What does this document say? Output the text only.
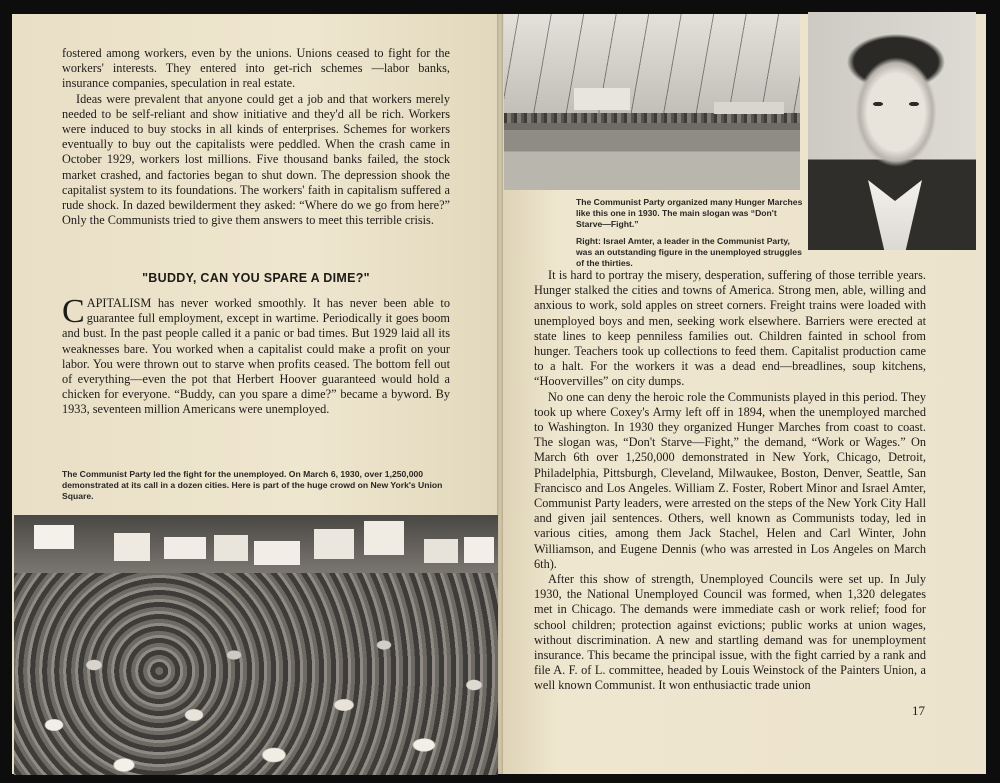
fostered among workers, even by the unions. Unions ceased to fight for the workers' interests. They entered into get-rich schemes —labor banks, insurance companies, speculation in real estate.

Ideas were prevalent that anyone could get a job and that workers merely needed to be self-reliant and show initiative and they'd all be rich. Workers were induced to buy stocks in all kinds of enterprises. Schemes for workers eventually to buy out the capitalists were peddled. When the crash came in October 1929, workers lost millions. Five thousand banks failed, the stock market crashed, and factories began to shut down. The depression shook the capitalist system to its foundations. The workers' faith in capitalism suffered a rude shock. In dazed bewilderment they asked: “Where do we go from here?” Only the Communists tried to give them answers to meet this terrible crisis.

"BUDDY, CAN YOU SPARE A DIME?"

CAPITALISM has never worked smoothly. It has never been able to guarantee full employment, except in wartime. Periodically it goes boom and bust. In the past people called it a panic or bad times. But 1929 laid all its weaknesses bare. You worked when a capitalist could make a profit on your labor. You were thrown out to starve when profits ceased. The bottom fell out of everything—even the pot that Herbert Hoover guaranteed would hold a chicken for everyone. “Buddy, can you spare a dime?” became a byword. By 1933, seventeen million Americans were unemployed.

The Communist Party led the fight for the unemployed. On March 6, 1930, over 1,250,000 demonstrated at its call in a dozen cities. Here is part of the huge crowd on New York's Union Square.
The Communist Party organized many Hunger Marches like this one in 1930. The main slogan was “Don't Starve—Fight.”
Right: Israel Amter, a leader in the Communist Party, was an outstanding figure in the unemployed struggles of the thirties.

It is hard to portray the misery, desperation, suffering of those terrible years. Hunger stalked the cities and towns of America. Strong men, able, willing and anxious to work, sold apples on street corners. Freight trains were loaded with unemployed boys and men, seeking work elsewhere. Barriers were erected at state lines to keep penniless families out. Children fainted in school from hunger. Teachers took up collections to feed them. Capitalist production came to a halt. For the workers it was a dead end—breadlines, soup kitchens, “Hoovervilles” on city dumps.

No one can deny the heroic role the Communists played in this period. They took up where Coxey's Army left off in 1894, when the unemployed marched to Washington. In 1930 they organized Hunger Marches from coast to coast. The slogan was, “Don't Starve—Fight,” the demand, “Work or Wages.” On March 6th over 1,250,000 demonstrated in New York, Chicago, Detroit, Philadelphia, Pittsburgh, Cleveland, Milwaukee, Boston, Denver, Seattle, San Francisco and Los Angeles. William Z. Foster, Robert Minor and Israel Amter, Communist Party leaders, were arrested on the steps of the New York City Hall and given jail sentences. Others, well known as Communists today, led in various cities, among them Jack Stachel, Helen and Carl Winter, John Williamson, and Eugene Dennis (who was arrested in Los Angeles on March 6th).

After this show of strength, Unemployed Councils were set up. In July 1930, the National Unemployed Council was formed, when 1,320 delegates met in Chicago. The demands were immediate cash or work relief; food for school children; protection against evictions; public works at union wages, without discrimination. A new and startling demand was for unemployment insurance. This became the principal issue, with the fight carried by a rank and file A. F. of L. committee, headed by Louis Weinstock of the Painters Union, a well known Communist. It won enthusiactic trade union

17
